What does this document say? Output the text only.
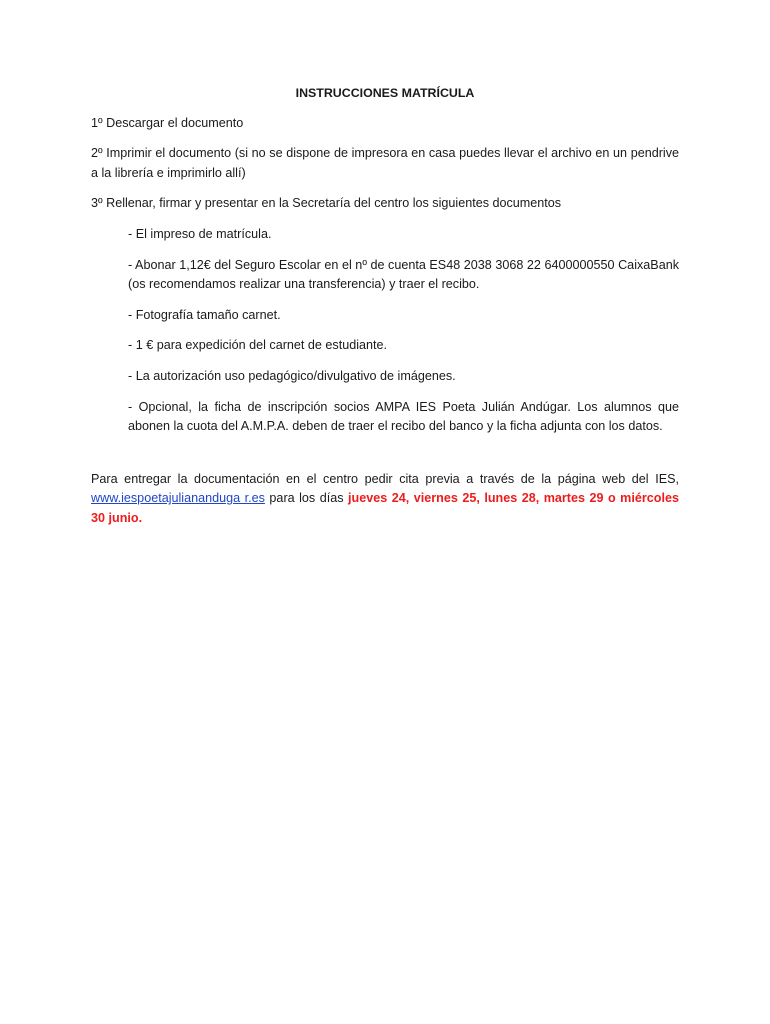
INSTRUCCIONES MATRÍCULA

1º Descargar el documento

2º Imprimir el documento (si no se dispone de impresora en casa puedes llevar el archivo en un pendrive a la librería e imprimirlo allí)

3º Rellenar, firmar y presentar en la Secretaría del centro los siguientes documentos

- El impreso de matrícula.
- Abonar 1,12€ del Seguro Escolar en el nº de cuenta ES48 2038 3068 22 6400000550 CaixaBank (os recomendamos realizar una transferencia) y traer el recibo.
- Fotografía tamaño carnet.
- 1 € para expedición del carnet de estudiante.
- La autorización uso pedagógico/divulgativo de imágenes.
- Opcional, la ficha de inscripción socios AMPA IES Poeta Julián Andúgar. Los alumnos que abonen la cuota del A.M.P.A. deben de traer el recibo del banco y la ficha adjunta con los datos.

Para entregar la documentación en el centro pedir cita previa a través de la página web del IES, www.iespoetajuliananduga r.es para los días jueves 24, viernes 25, lunes 28, martes 29 o miércoles 30 junio.
